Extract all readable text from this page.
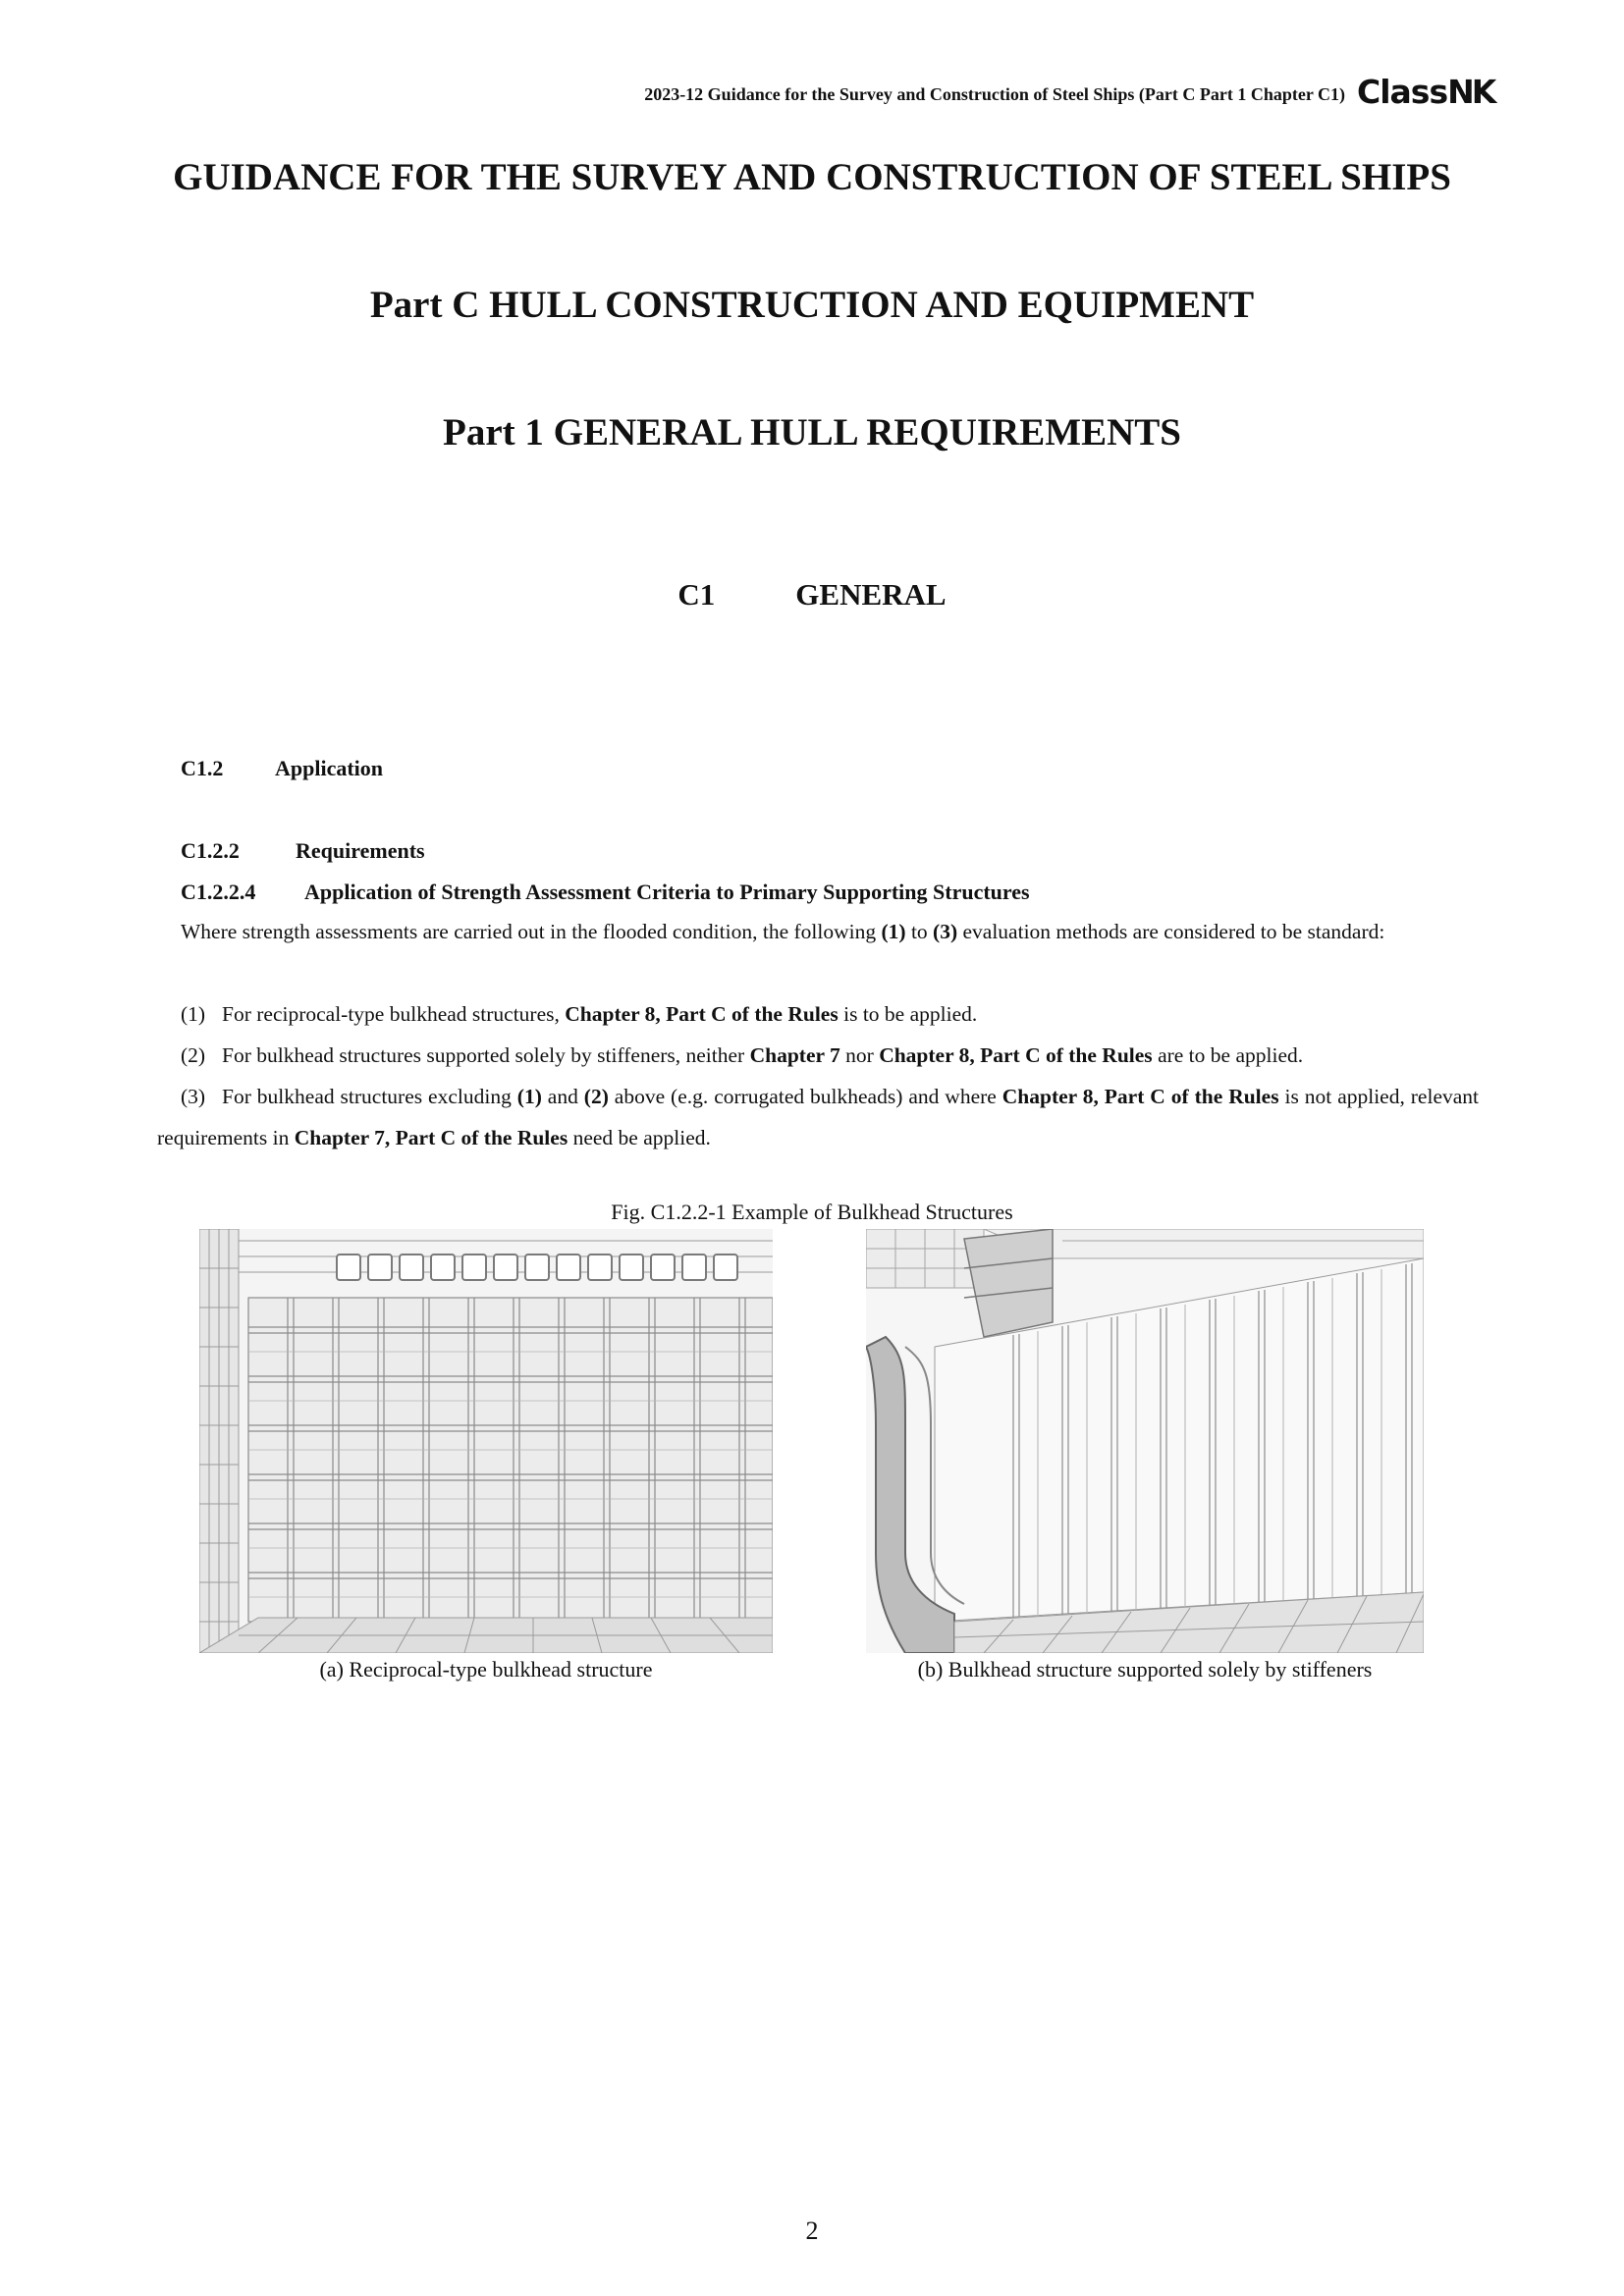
2023-12 Guidance for the Survey and Construction of Steel Ships (Part C Part 1 Chapter C1) ClassNK
GUIDANCE FOR THE SURVEY AND CONSTRUCTION OF STEEL SHIPS
Part C HULL CONSTRUCTION AND EQUIPMENT
Part 1 GENERAL HULL REQUIREMENTS
C1	GENERAL
C1.2 Application
C1.2.2	Requirements
C1.2.2.4 Application of Strength Assessment Criteria to Primary Supporting Structures
Where strength assessments are carried out in the flooded condition, the following (1) to (3) evaluation methods are considered to be standard:
(1) For reciprocal-type bulkhead structures, Chapter 8, Part C of the Rules is to be applied.
(2) For bulkhead structures supported solely by stiffeners, neither Chapter 7 nor Chapter 8, Part C of the Rules are to be applied.
(3) For bulkhead structures excluding (1) and (2) above (e.g. corrugated bulkheads) and where Chapter 8, Part C of the Rules is not applied, relevant requirements in Chapter 7, Part C of the Rules need be applied.
Fig. C1.2.2-1 Example of Bulkhead Structures
(a) Reciprocal-type bulkhead structure	(b) Bulkhead structure supported solely by stiffeners
2
